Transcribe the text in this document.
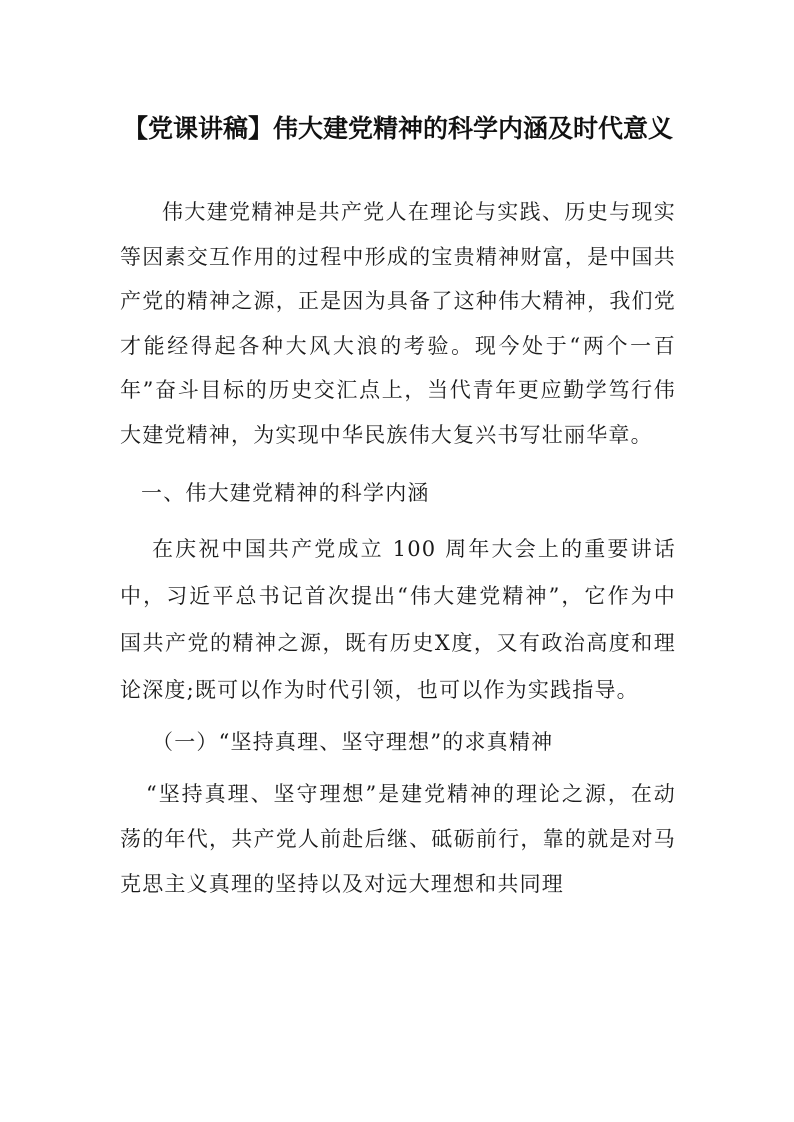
【党课讲稿】伟大建党精神的科学内涵及时代意义

伟大建党精神是共产党人在理论与实践、历史与现实等因素交互作用的过程中形成的宝贵精神财富，是中国共产党的精神之源，正是因为具备了这种伟大精神，我们党才能经得起各种大风大浪的考验。现今处于“两个一百年”奋斗目标的历史交汇点上，当代青年更应勤学笃行伟大建党精神，为实现中华民族伟大复兴书写壮丽华章。

一、伟大建党精神的科学内涵

在庆祝中国共产党成立 100 周年大会上的重要讲话中，习近平总书记首次提出“伟大建党精神”，它作为中国共产党的精神之源，既有历史X度，又有政治高度和理论深度;既可以作为时代引领，也可以作为实践指导。

（一）“坚持真理、坚守理想”的求真精神

“坚持真理、坚守理想”是建党精神的理论之源，在动荡的年代，共产党人前赴后继、砥砺前行，靠的就是对马克思主义真理的坚持以及对远大理想和共同理
